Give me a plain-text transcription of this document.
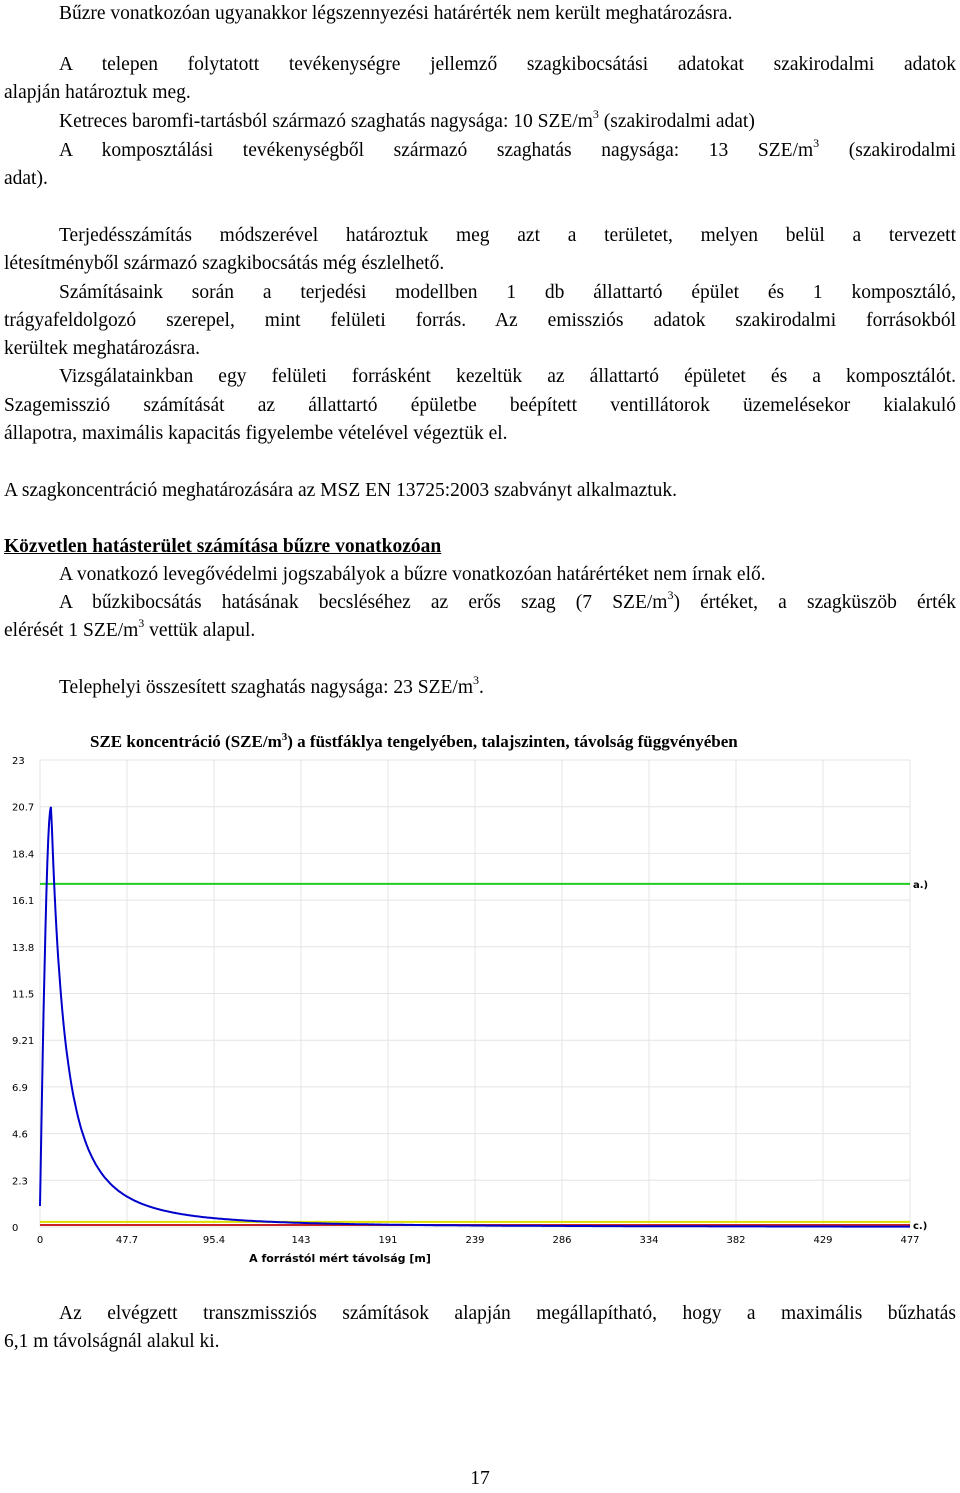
Bűzre vonatkozóan ugyanakkor légszennyezési határérték nem került meghatározásra.
A telepen folytatott tevékenységre jellemző szagkibocsátási adatokat szakirodalmi adatok
alapján határoztuk meg.
Ketreces baromfi-tartásból származó szaghatás nagysága: 10 SZE/$m^3$ (szakirodalmi adat)
A komposztálási tevékenységből származó szaghatás nagysága: 13 SZE/$m^3$ (szakirodalmi
adat).
Terjedésszámítás módszerével határoztuk meg azt a területet, melyen belül a tervezett
létesítményből származó szagkibocsátás még észlelhető.
Számításaink során a terjedési modellben 1 db állattartó épület és 1 komposztáló,
trágyafeldolgozó szerepel, mint felületi forrás. Az emissziós adatok szakirodalmi forrásokból
kerültek meghatározásra.
Vizsgálatainkban egy felületi forrásként kezeltük az állattartó épületet és a komposztálót.
Szagemisszió számítását az állattartó épületbe beépített ventillátorok üzemelésekor kialakuló
állapotra, maximális kapacitás figyelembe vételével végeztük el.
A szagkoncentráció meghatározására az MSZ EN 13725:2003 szabványt alkalmaztuk.
Közvetlen hatásterület számítása bűzre vonatkozóan
A vonatkozó levegővédelmi jogszabályok a bűzre vonatkozóan határértéket nem írnak elő.
A bűzkibocsátás hatásának becsléséhez az erős szag (7 SZE/$m^3$) értéket, a szagküszöb érték
elérését 1 SZE/$m^3$ vettük alapul.
Telephelyi összesített szaghatás nagysága: 23 SZE/$m^3$.
SZE koncentráció $(SZE/m^3)$ a füstfáklya tengelyében, talajszinten, távolság függvényében
23
20.7
18.4
16.1
13.8
11.5
9.21
6.9
4.6
2.3
0
0	47.7	95.4	143	191	239	286	334	382	429	477
a.)
c.)
A forrástól mért távolság [m]
Az elvégzett transzmissziós számítások alapján megállapítható, hogy a maximális bűzhatás
6,1 m távolságnál alakul ki.
17
